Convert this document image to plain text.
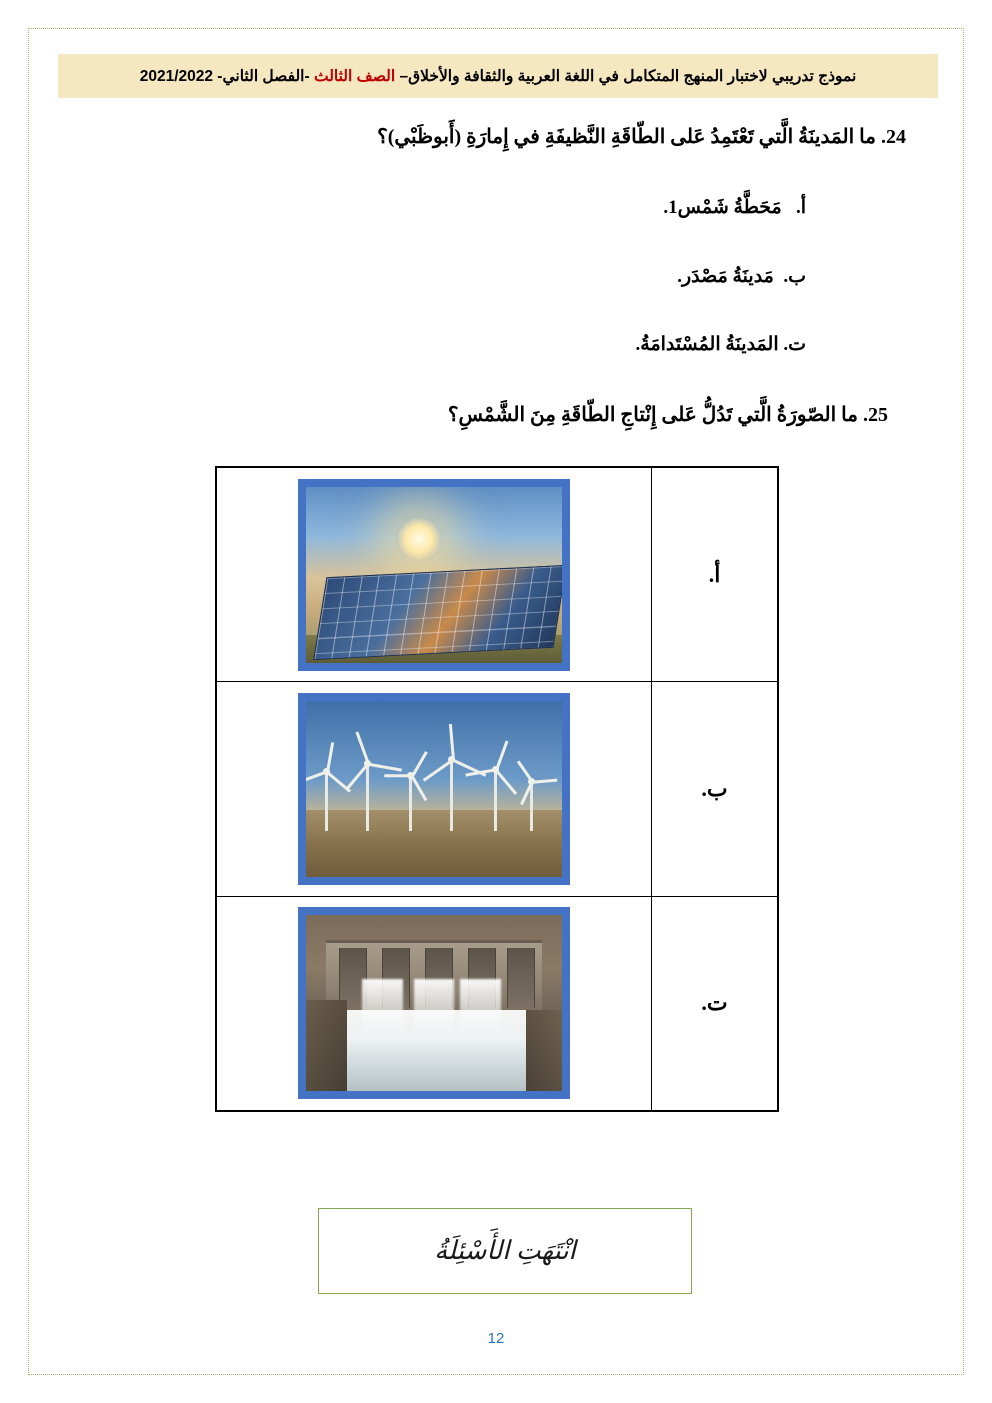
نموذج تدريبي لاختبار المنهج المتكامل في اللغة العربية والثقافة والأخلاق– الصف الثالث -الفصل الثاني- 2021/2022
24. ما المَدينَةُ الَّتي تَعْتَمِدُ عَلى الطّاقَةِ النَّظيفَةِ في إِمارَةِ (أَبوظَبْي)؟
أ.   مَحَطَّةُ شَمْس1.
ب.  مَدينَةُ مَصْدَر.
ت. المَدينَةُ المُسْتَدامَةُ.
25. ما الصّورَةُ الَّتي تَدُلُّ عَلى إِنْتاجِ الطّاقَةِ مِنَ الشَّمْسِ؟
أ.	

ب.	

ت.	
انْتَهَتِ الأَسْئِلَةُ
12
